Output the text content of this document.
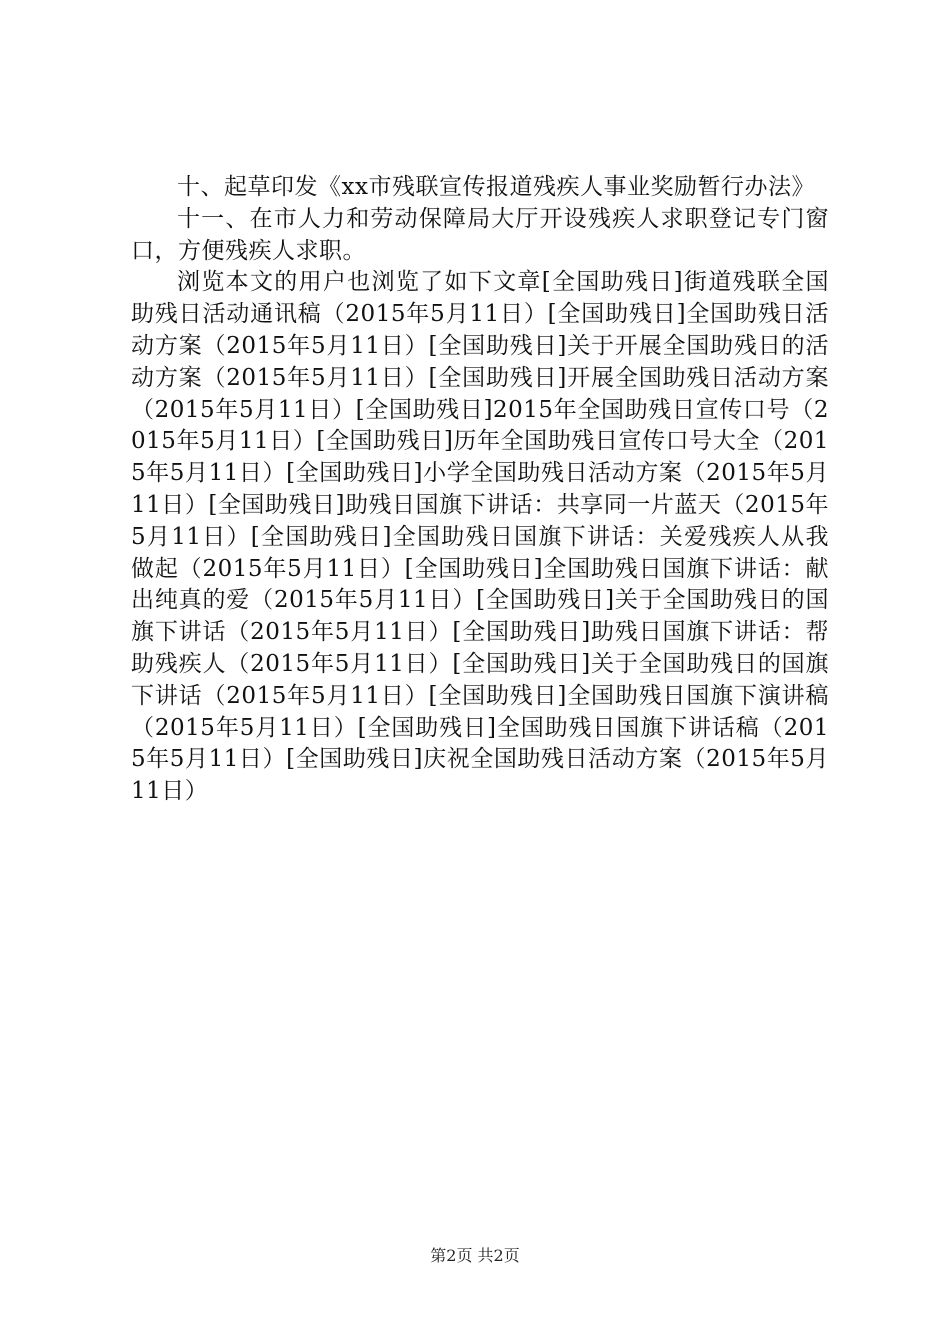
十、起草印发《xx市残联宣传报道残疾人事业奖励暂行办法》

十一、在市人力和劳动保障局大厅开设残疾人求职登记专门窗口，方便残疾人求职。

浏览本文的用户也浏览了如下文章[全国助残日]街道残联全国助残日活动通讯稿（2015年5月11日）[全国助残日]全国助残日活动方案（2015年5月11日）[全国助残日]关于开展全国助残日的活动方案（2015年5月11日）[全国助残日]开展全国助残日活动方案（2015年5月11日）[全国助残日]2015年全国助残日宣传口号（2015年5月11日）[全国助残日]历年全国助残日宣传口号大全（2015年5月11日）[全国助残日]小学全国助残日活动方案（2015年5月11日）[全国助残日]助残日国旗下讲话：共享同一片蓝天（2015年5月11日）[全国助残日]全国助残日国旗下讲话：关爱残疾人从我做起（2015年5月11日）[全国助残日]全国助残日国旗下讲话：献出纯真的爱（2015年5月11日）[全国助残日]关于全国助残日的国旗下讲话（2015年5月11日）[全国助残日]助残日国旗下讲话：帮助残疾人（2015年5月11日）[全国助残日]关于全国助残日的国旗下讲话（2015年5月11日）[全国助残日]全国助残日国旗下演讲稿（2015年5月11日）[全国助残日]全国助残日国旗下讲话稿（2015年5月11日）[全国助残日]庆祝全国助残日活动方案（2015年5月11日）

第2页 共2页
